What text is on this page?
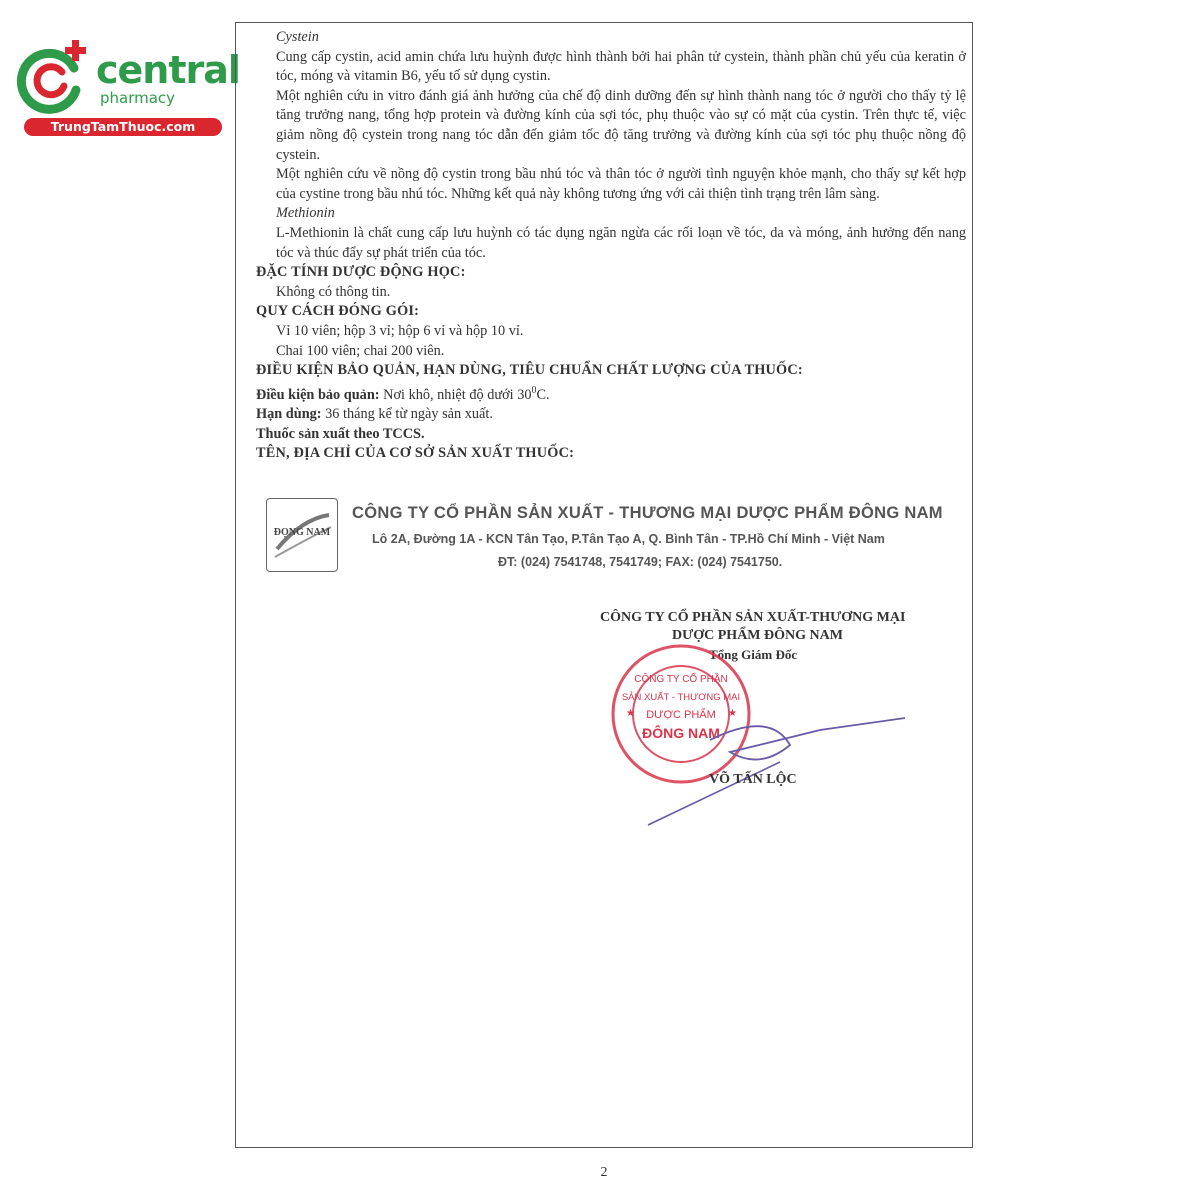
central
pharmacy
TrungTamThuoc.com

Cystein

Cung cấp cystin, acid amin chứa lưu huỳnh được hình thành bởi hai phân tử cystein, thành phần chủ yếu của keratin ở tóc, móng và vitamin B6, yếu tố sử dụng cystin.

Một nghiên cứu in vitro đánh giá ảnh hưởng của chế độ dinh dưỡng đến sự hình thành nang tóc ở người cho thấy tỷ lệ tăng trưởng nang, tổng hợp protein và đường kính của sợi tóc, phụ thuộc vào sự có mặt của cystin. Trên thực tế, việc giảm nồng độ cystein trong nang tóc dẫn đến giảm tốc độ tăng trưởng và đường kính của sợi tóc phụ thuộc nồng độ cystein.

Một nghiên cứu về nồng độ cystin trong bầu nhú tóc và thân tóc ở người tình nguyện khỏe mạnh, cho thấy sự kết hợp của cystine trong bầu nhú tóc. Những kết quả này không tương ứng với cải thiện tình trạng trên lâm sàng.

Methionin

L-Methionin là chất cung cấp lưu huỳnh có tác dụng ngăn ngừa các rối loạn về tóc, da và móng, ảnh hưởng đến nang tóc và thúc đẩy sự phát triển của tóc.

ĐẶC TÍNH DƯỢC ĐỘNG HỌC:

Không có thông tin.

QUY CÁCH ĐÓNG GÓI:

Vỉ 10 viên; hộp 3 vỉ; hộp 6 vỉ và hộp 10 vỉ.

Chai 100 viên; chai 200 viên.

ĐIỀU KIỆN BẢO QUẢN, HẠN DÙNG, TIÊU CHUẨN CHẤT LƯỢNG CỦA THUỐC:

Điều kiện bảo quản: Nơi khô, nhiệt độ dưới $30^0C$.

Hạn dùng: 36 tháng kể từ ngày sản xuất.

Thuốc sản xuất theo TCCS.

TÊN, ĐỊA CHỈ CỦA CƠ SỞ SẢN XUẤT THUỐC:

ĐỌNG NAM
CÔNG TY CỔ PHẦN SẢN XUẤT - THƯƠNG MẠI DƯỢC PHẨM ĐÔNG NAM
Lô 2A, Đường 1A - KCN Tân Tạo, P.Tân Tạo A, Q. Bình Tân - TP.Hồ Chí Minh - Việt Nam
ĐT: (024) 7541748, 7541749; FAX: (024) 7541750.
CÔNG TY CỔ PHẦN SẢN XUẤT-THƯƠNG MẠI
DƯỢC PHẨM ĐÔNG NAM
Tổng Giám Đốc
CÔNG TY CỔ PHẦN
SẢN XUẤT - THƯƠNG MẠI
DƯỢC PHẨM
ĐÔNG NAM
★	★
VÕ TẤN LỘC
2
